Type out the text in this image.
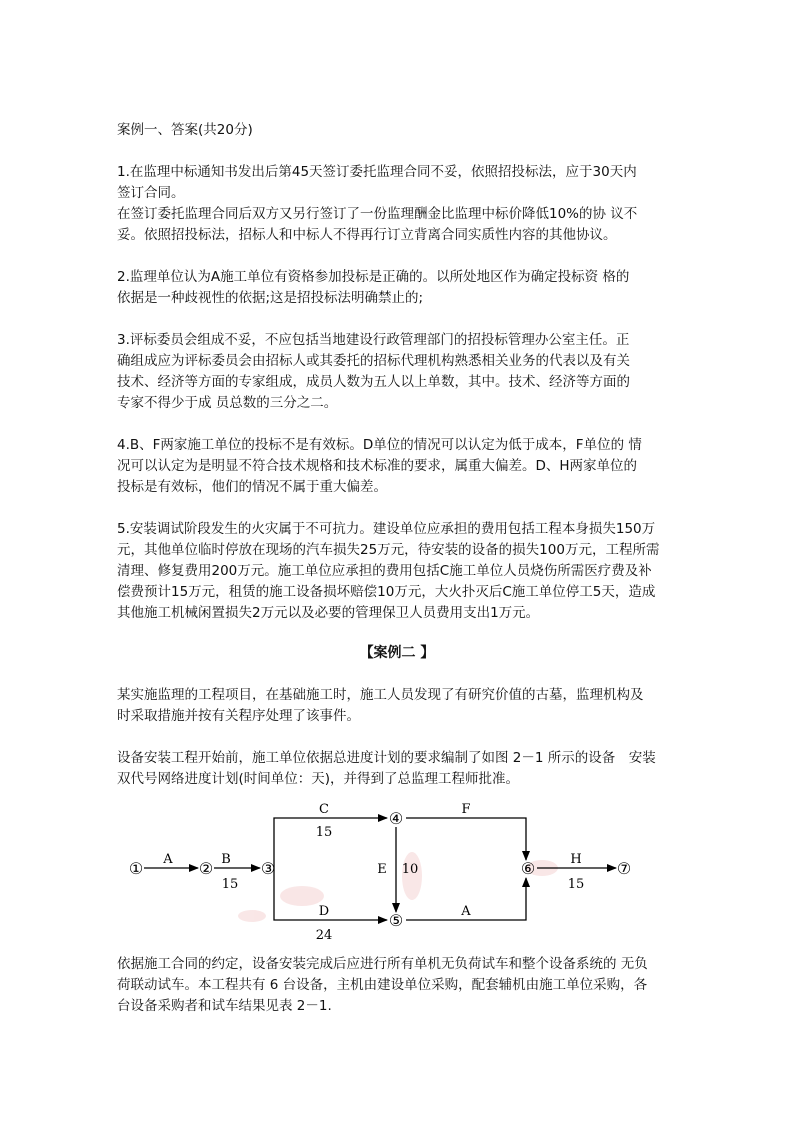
案例一、答案(共20分)

1.在监理中标通知书发出后第45天签订委托监理合同不妥，依照招投标法，应于30天内

签订合同。

在签订委托监理合同后双方又另行签订了一份监理酬金比监理中标价降低10%的协 议不

妥。依照招投标法，招标人和中标人不得再行订立背离合同实质性内容的其他协议。

2.监理单位认为A施工单位有资格参加投标是正确的。以所处地区作为确定投标资 格的

依据是一种歧视性的依据;这是招投标法明确禁止的;

3.评标委员会组成不妥，不应包括当地建设行政管理部门的招投标管理办公室主任。正

确组成应为评标委员会由招标人或其委托的招标代理机构熟悉相关业务的代表以及有关

技术、经济等方面的专家组成，成员人数为五人以上单数，其中。技术、经济等方面的

专家不得少于成 员总数的三分之二。

4.B、F两家施工单位的投标不是有效标。D单位的情况可以认定为低于成本，F单位的 情

况可以认定为是明显不符合技术规格和技术标准的要求，属重大偏差。D、H两家单位的

投标是有效标，他们的情况不属于重大偏差。

5.安装调试阶段发生的火灾属于不可抗力。建设单位应承担的费用包括工程本身损失150万

元，其他单位临时停放在现场的汽车损失25万元，待安装的设备的损失100万元，工程所需

清理、修复费用200万元。施工单位应承担的费用包括C施工单位人员烧伤所需医疗费及补

偿费预计15万元，租赁的施工设备损坏赔偿10万元，大火扑灭后C施工单位停工5天，造成

其他施工机械闲置损失2万元以及必要的管理保卫人员费用支出1万元。

【案例二 】

某实施监理的工程项目，在基础施工时，施工人员发现了有研究价值的古墓，监理机构及

时采取措施并按有关程序处理了该事件。

设备安装工程开始前，施工单位依据总进度计划的要求编制了如图 2－1 所示的设备　安装

双代号网络进度计划(时间单位：天)，并得到了总监理工程师批准。

①	②	③
④
⑤
⑥	⑦
A	B
15
C
15
D
24
E 10
F
A
H
15

依据施工合同的约定，设备安装完成后应进行所有单机无负荷试车和整个设备系统的 无负

荷联动试车。本工程共有 6 台设备，主机由建设单位采购，配套辅机由施工单位采购，各

台设备采购者和试车结果见表 2－1.
